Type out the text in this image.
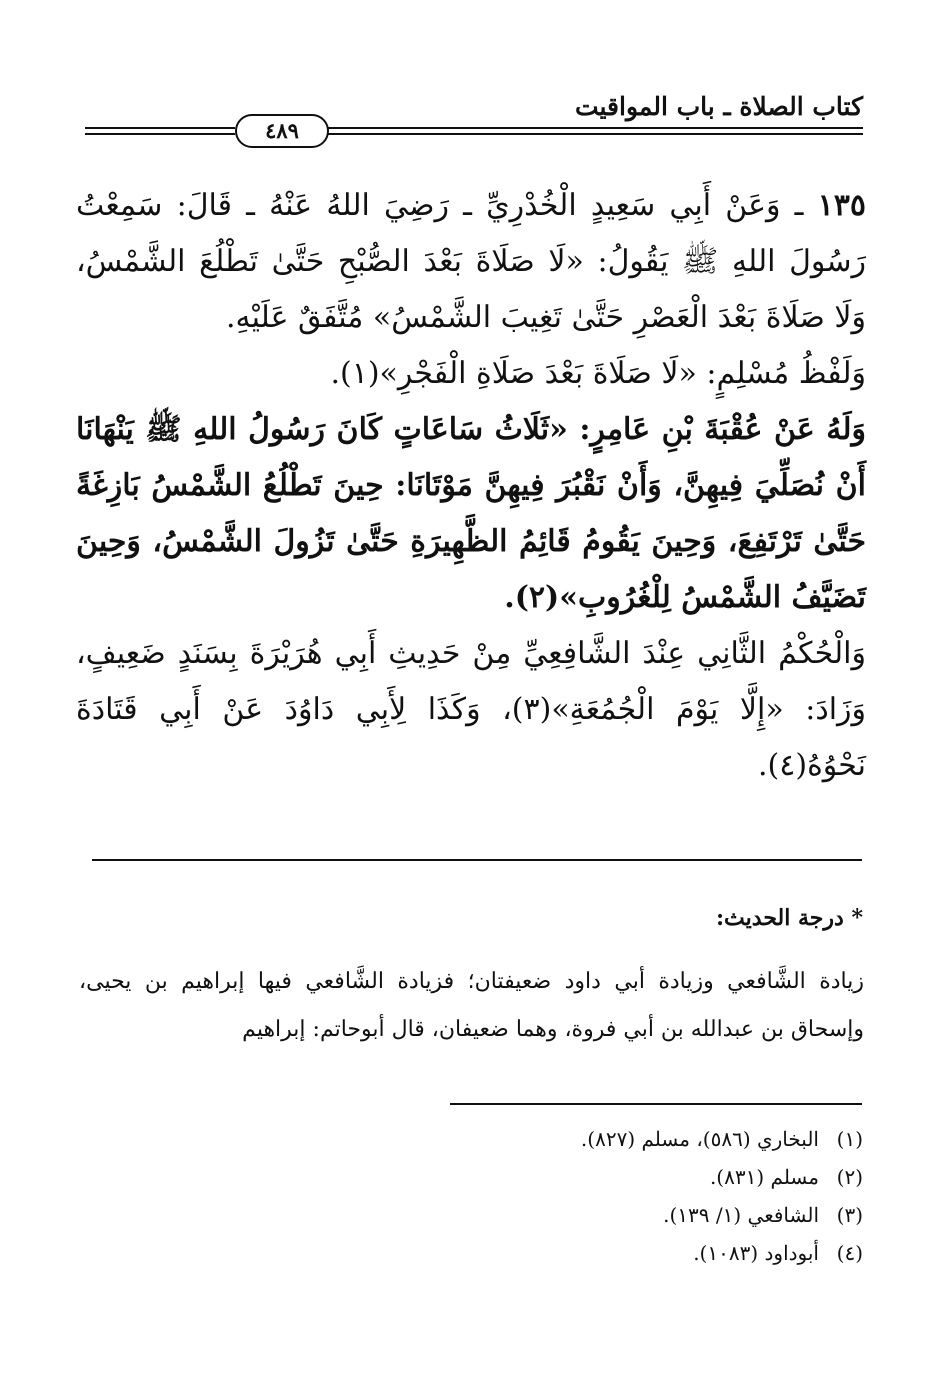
كتاب الصلاة ـ باب المواقيت
٤٨٩

١٣٥ ـ وَعَنْ أَبِي سَعِيدٍ الْخُدْرِيِّ ـ رَضِيَ اللهُ عَنْهُ ـ قَالَ: سَمِعْتُ رَسُولَ اللهِ ﷺ يَقُولُ: «لَا صَلَاةَ بَعْدَ الصُّبْحِ حَتَّىٰ تَطْلُعَ الشَّمْسُ، وَلَا صَلَاةَ بَعْدَ الْعَصْرِ حَتَّىٰ تَغِيبَ الشَّمْسُ» مُتَّفَقٌ عَلَيْهِ.

وَلَفْظُ مُسْلِمٍ: «لَا صَلَاةَ بَعْدَ صَلَاةِ الْفَجْرِ»(١).

وَلَهُ عَنْ عُقْبَةَ بْنِ عَامِرٍ: «ثَلَاثُ سَاعَاتٍ كَانَ رَسُولُ اللهِ ﷺ يَنْهَانَا أَنْ نُصَلِّيَ فِيهِنَّ، وَأَنْ نَقْبُرَ فِيهِنَّ مَوْتَانَا: حِينَ تَطْلُعُ الشَّمْسُ بَازِغَةً حَتَّىٰ تَرْتَفِعَ، وَحِينَ يَقُومُ قَائِمُ الظَّهِيرَةِ حَتَّىٰ تَزُولَ الشَّمْسُ، وَحِينَ تَضَيَّفُ الشَّمْسُ لِلْغُرُوبِ»(٢).

وَالْحُكْمُ الثَّانِي عِنْدَ الشَّافِعِيِّ مِنْ حَدِيثِ أَبِي هُرَيْرَةَ بِسَنَدٍ ضَعِيفٍ، وَزَادَ: «إِلَّا يَوْمَ الْجُمُعَةِ»(٣)، وَكَذَا لِأَبِي دَاوُدَ عَنْ أَبِي قَتَادَةَ نَحْوُهُ(٤).

* درجة الحديث:
زيادة الشَّافعي وزيادة أبي داود ضعيفتان؛ فزيادة الشَّافعي فيها إبراهيم بن يحيى، وإسحاق بن عبدالله بن أبي فروة، وهما ضعيفان، قال أبوحاتم: إبراهيم
(١)البخاري (٥٨٦)، مسلم (٨٢٧).
(٢)مسلم (٨٣١).
(٣)الشافعي (١/ ١٣٩).
(٤)أبوداود (١٠٨٣).
